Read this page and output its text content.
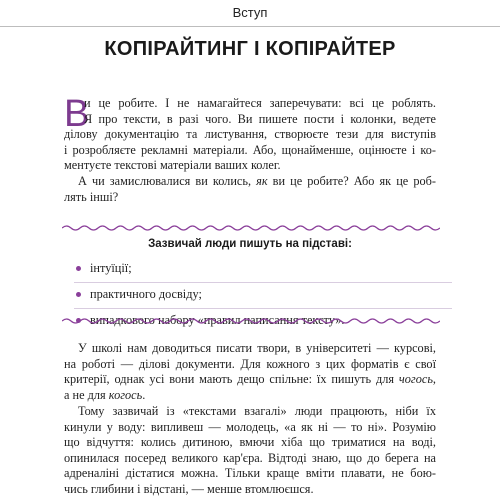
Вступ
КОПІРАЙТИНГ І КОПІРАЙТЕР
В
и це робите. І не намагайтеся заперечувати: всі це роблять.
Я про тексти, в разі чого. Ви пишете пости і колонки, ведете
ділову документацію та листування, створюєте тези для виступів
і розробляєте рекламні матеріали. Або, щонайменше, оцінюєте і ко-
ментуєте текстові матеріали ваших колег.
А чи замислювалися ви колись, як ви це робите? Або як це роб-
лять інші?
Зазвичай люди пишуть на підставі:
інтуїції;
практичного досвіду;
випадкового набору «правил написання тексту».
У школі нам доводиться писати твори, в університеті — курсові,
на роботі — ділові документи. Для кожного з цих форматів є свої
критерії, однак усі вони мають дещо спільне: їх пишуть для чогось,
а не для когось.
Тому зазвичай із «текстами взагалі» люди працюють, ніби їх
кинули у воду: випливеш — молодець, «а як ні — то ні». Розумію
що відчуття: колись дитиною, вмючи хіба що триматися на воді,
опинилася посеред великого кар'єра. Відтоді знаю, що до берега на
адреналіні дістатися можна. Тільки краще вміти плавати, не бою-
чись глибини і відстані, — менше втомлюєшся.
